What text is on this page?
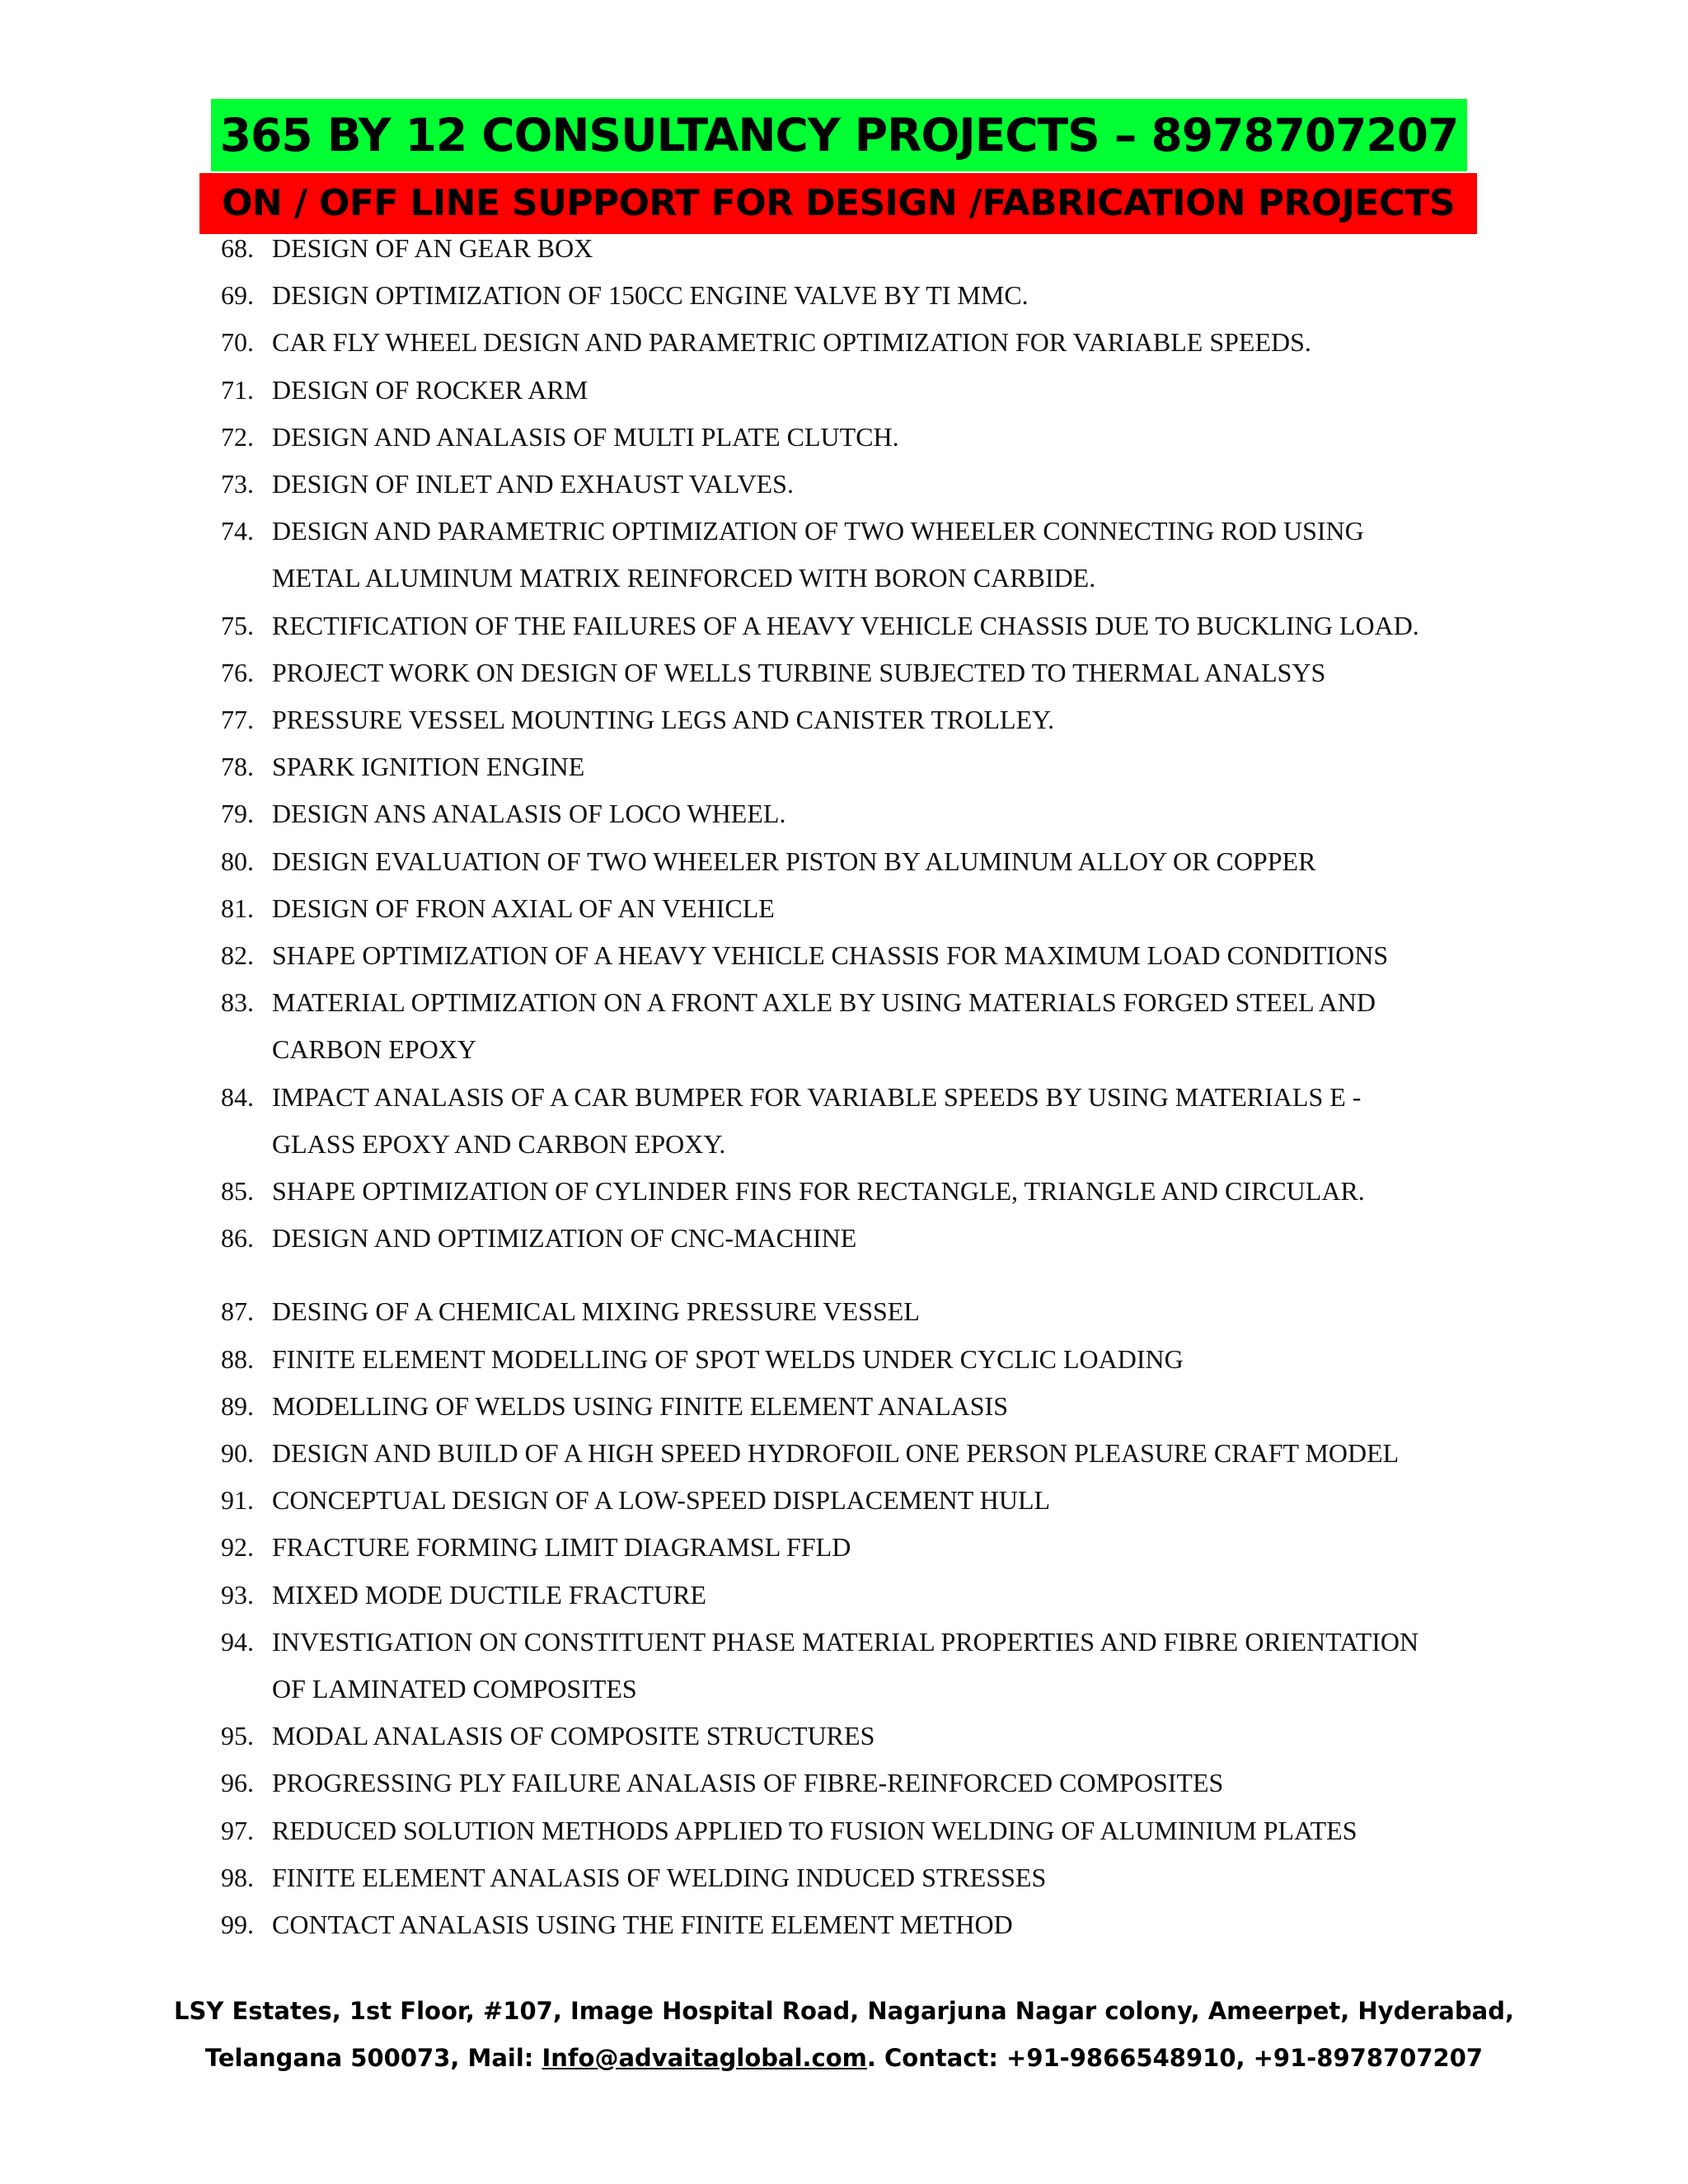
365 BY 12 CONSULTANCY PROJECTS – 8978707207
ON / OFF LINE SUPPORT FOR DESIGN /FABRICATION PROJECTS
68. DESIGN OF AN GEAR BOX
69. DESIGN OPTIMIZATION OF 150CC ENGINE VALVE BY TI MMC.
70. CAR FLY WHEEL DESIGN AND PARAMETRIC OPTIMIZATION FOR VARIABLE SPEEDS.
71. DESIGN OF ROCKER ARM
72. DESIGN AND ANALASIS OF MULTI PLATE CLUTCH.
73. DESIGN OF INLET AND EXHAUST VALVES.
74. DESIGN AND PARAMETRIC OPTIMIZATION OF TWO WHEELER CONNECTING ROD USING
METAL ALUMINUM MATRIX REINFORCED WITH BORON CARBIDE.
75. RECTIFICATION OF THE FAILURES OF A HEAVY VEHICLE CHASSIS DUE TO BUCKLING LOAD.
76. PROJECT WORK ON DESIGN OF WELLS TURBINE SUBJECTED TO THERMAL ANALSYS
77. PRESSURE VESSEL MOUNTING LEGS AND CANISTER TROLLEY.
78. SPARK IGNITION ENGINE
79. DESIGN ANS ANALASIS OF LOCO WHEEL.
80. DESIGN EVALUATION OF TWO WHEELER PISTON BY ALUMINUM ALLOY OR COPPER
81. DESIGN OF FRON AXIAL OF AN VEHICLE
82. SHAPE OPTIMIZATION OF A HEAVY VEHICLE CHASSIS FOR MAXIMUM LOAD CONDITIONS
83. MATERIAL OPTIMIZATION ON A FRONT AXLE BY USING MATERIALS FORGED STEEL AND
CARBON EPOXY
84. IMPACT ANALASIS OF A CAR BUMPER FOR VARIABLE SPEEDS BY USING MATERIALS E -
GLASS EPOXY AND CARBON EPOXY.
85. SHAPE OPTIMIZATION OF CYLINDER FINS FOR RECTANGLE, TRIANGLE AND CIRCULAR.
86. DESIGN AND OPTIMIZATION OF CNC-MACHINE
87. DESING OF A CHEMICAL MIXING PRESSURE VESSEL
88. FINITE ELEMENT MODELLING OF SPOT WELDS UNDER CYCLIC LOADING
89. MODELLING OF WELDS USING FINITE ELEMENT ANALASIS
90. DESIGN AND BUILD OF A HIGH SPEED HYDROFOIL ONE PERSON PLEASURE CRAFT MODEL
91. CONCEPTUAL DESIGN OF A LOW-SPEED DISPLACEMENT HULL
92. FRACTURE FORMING LIMIT DIAGRAMSL FFLD
93. MIXED MODE DUCTILE FRACTURE
94. INVESTIGATION ON CONSTITUENT PHASE MATERIAL PROPERTIES AND FIBRE ORIENTATION
OF LAMINATED COMPOSITES
95. MODAL ANALASIS OF COMPOSITE STRUCTURES
96. PROGRESSING PLY FAILURE ANALASIS OF FIBRE-REINFORCED COMPOSITES
97. REDUCED SOLUTION METHODS APPLIED TO FUSION WELDING OF ALUMINIUM PLATES
98. FINITE ELEMENT ANALASIS OF WELDING INDUCED STRESSES
99. CONTACT ANALASIS USING THE FINITE ELEMENT METHOD
LSY Estates, 1st Floor, #107, Image Hospital Road, Nagarjuna Nagar colony, Ameerpet, Hyderabad,
Telangana 500073, Mail: Info@advaitaglobal.com. Contact: +91-9866548910, +91-8978707207
